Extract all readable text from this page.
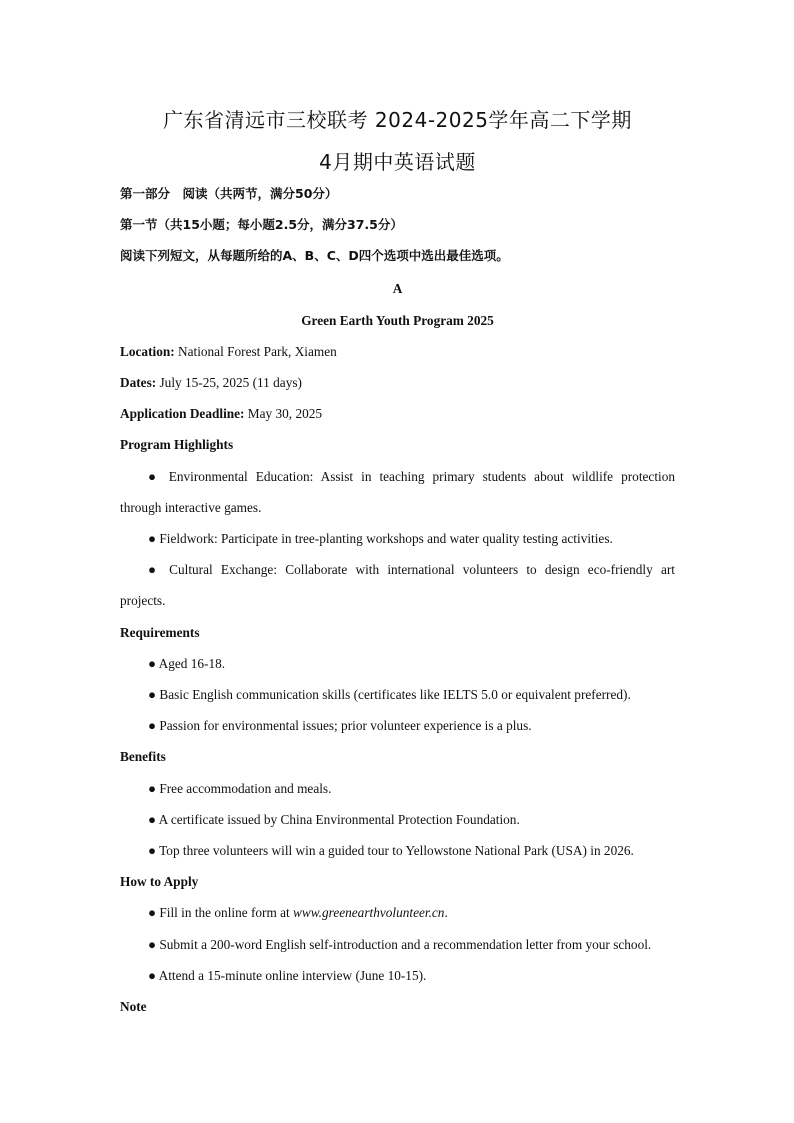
广东省清远市三校联考 2024-2025学年高二下学期
4月期中英语试题
第一部分　阅读（共两节，满分50分）
第一节（共15小题；每小题2.5分，满分37.5分）
阅读下列短文，从每题所给的A、B、C、D四个选项中选出最佳选项。
A
Green Earth Youth Program 2025
Location: National Forest Park, Xiamen
Dates: July 15-25, 2025 (11 days)
Application Deadline: May 30, 2025
Program Highlights
● Environmental Education: Assist in teaching primary students about wildlife protection
through interactive games.
● Fieldwork: Participate in tree-planting workshops and water quality testing activities.
● Cultural Exchange: Collaborate with international volunteers to design eco-friendly art
projects.
Requirements
● Aged 16-18.
● Basic English communication skills (certificates like IELTS 5.0 or equivalent preferred).
● Passion for environmental issues; prior volunteer experience is a plus.
Benefits
● Free accommodation and meals.
● A certificate issued by China Environmental Protection Foundation.
● Top three volunteers will win a guided tour to Yellowstone National Park (USA) in 2026.
How to Apply
● Fill in the online form at www.greenearthvolunteer.cn.
● Submit a 200-word English self-introduction and a recommendation letter from your school.
● Attend a 15-minute online interview (June 10-15).
Note
